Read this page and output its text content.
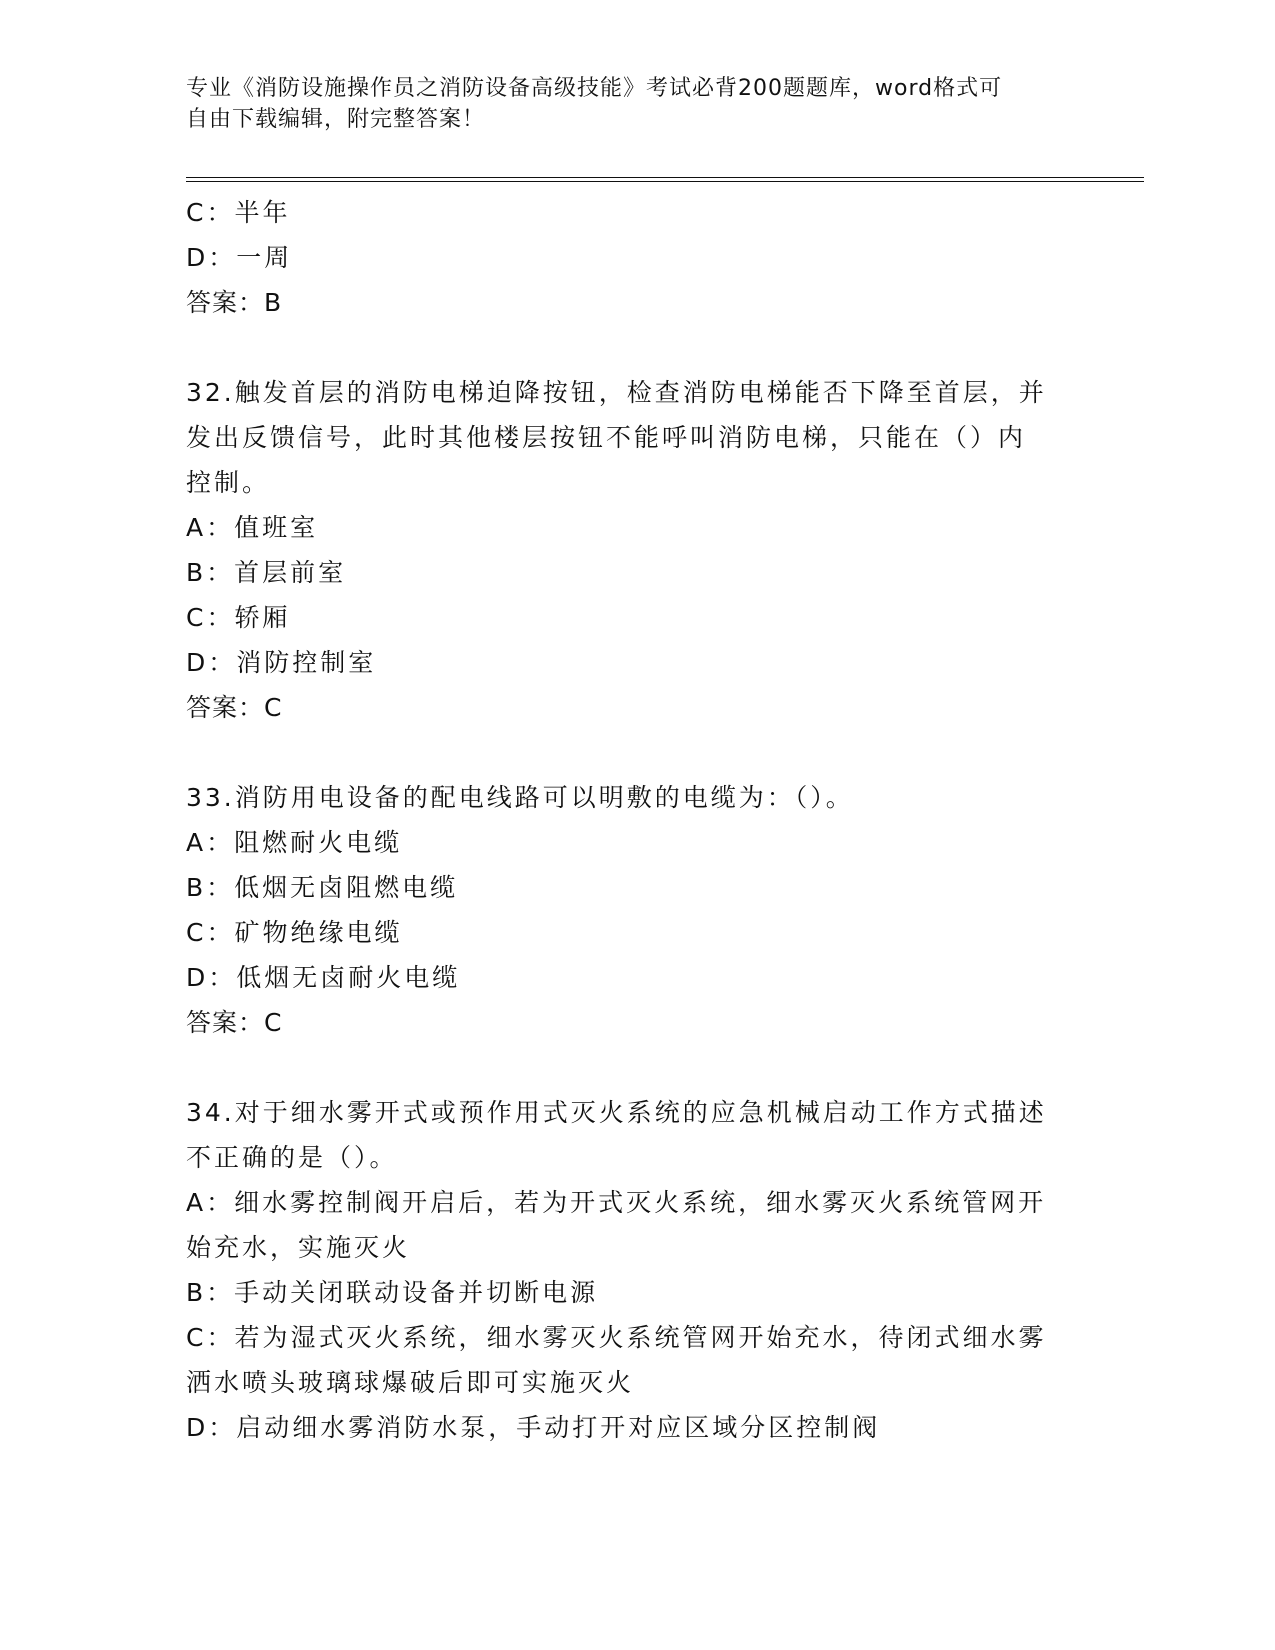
专业《消防设施操作员之消防设备高级技能》考试必背200题题库，word格式可
自由下载编辑，附完整答案！
C：半年
D：一周
答案：B
32.触发首层的消防电梯迫降按钮，检查消防电梯能否下降至首层，并
发出反馈信号，此时其他楼层按钮不能呼叫消防电梯，只能在（）内
控制。
A：值班室
B：首层前室
C：轿厢
D：消防控制室
答案：C
33.消防用电设备的配电线路可以明敷的电缆为：（）。
A：阻燃耐火电缆
B：低烟无卤阻燃电缆
C：矿物绝缘电缆
D：低烟无卤耐火电缆
答案：C
34.对于细水雾开式或预作用式灭火系统的应急机械启动工作方式描述
不正确的是（）。
A：细水雾控制阀开启后，若为开式灭火系统，细水雾灭火系统管网开
始充水，实施灭火
B：手动关闭联动设备并切断电源
C：若为湿式灭火系统，细水雾灭火系统管网开始充水，待闭式细水雾
洒水喷头玻璃球爆破后即可实施灭火
D：启动细水雾消防水泵，手动打开对应区域分区控制阀
